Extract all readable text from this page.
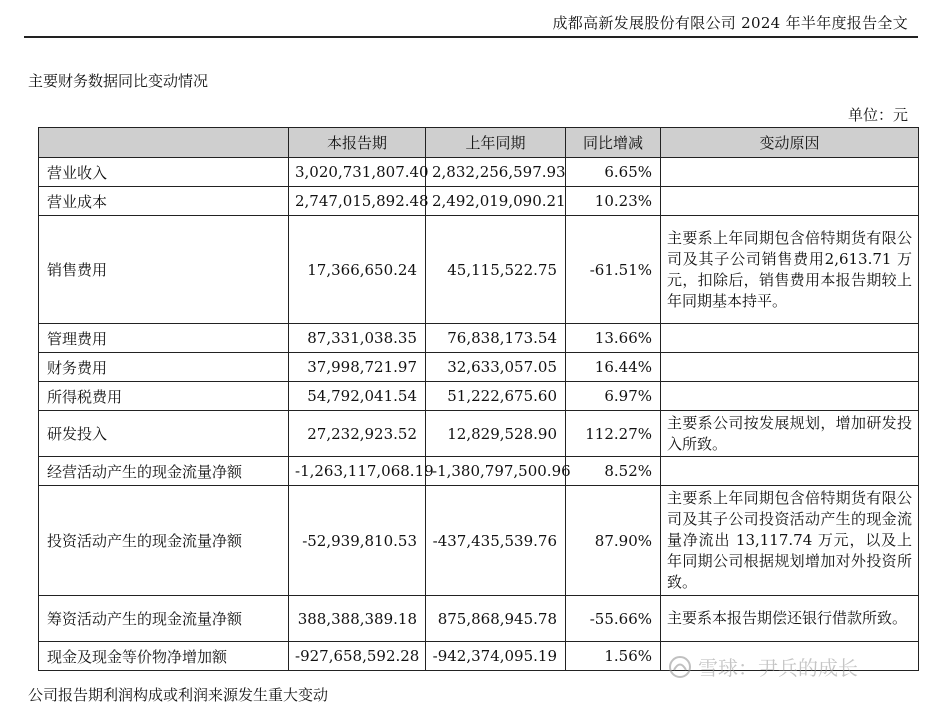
成都高新发展股份有限公司 2024 年半年度报告全文
主要财务数据同比变动情况
单位：元
	本报告期	上年同期	同比增减	变动原因
营业收入	3,020,731,807.40	2,832,256,597.93	6.65%	
营业成本	2,747,015,892.48	2,492,019,090.21	10.23%	
销售费用	17,366,650.24	45,115,522.75	-61.51%	主要系上年同期包含倍特期货有限公司及其子公司销售费用2,613.71 万元，扣除后，销售费用本报告期较上年同期基本持平。
管理费用	87,331,038.35	76,838,173.54	13.66%	
财务费用	37,998,721.97	32,633,057.05	16.44%	
所得税费用	54,792,041.54	51,222,675.60	6.97%	
研发投入	27,232,923.52	12,829,528.90	112.27%	主要系公司按发展规划，增加研发投入所致。
经营活动产生的现金流量净额	-1,263,117,068.19	-1,380,797,500.96	8.52%	
投资活动产生的现金流量净额	-52,939,810.53	-437,435,539.76	87.90%	主要系上年同期包含倍特期货有限公司及其子公司投资活动产生的现金流量净流出 13,117.74 万元，以及上年同期公司根据规划增加对外投资所致。
筹资活动产生的现金流量净额	388,388,389.18	875,868,945.78	-55.66%	主要系本报告期偿还银行借款所致。
现金及现金等价物净增加额	-927,658,592.28	-942,374,095.19	1.56%	
公司报告期利润构成或利润来源发生重大变动
雪球：尹兵的成长
